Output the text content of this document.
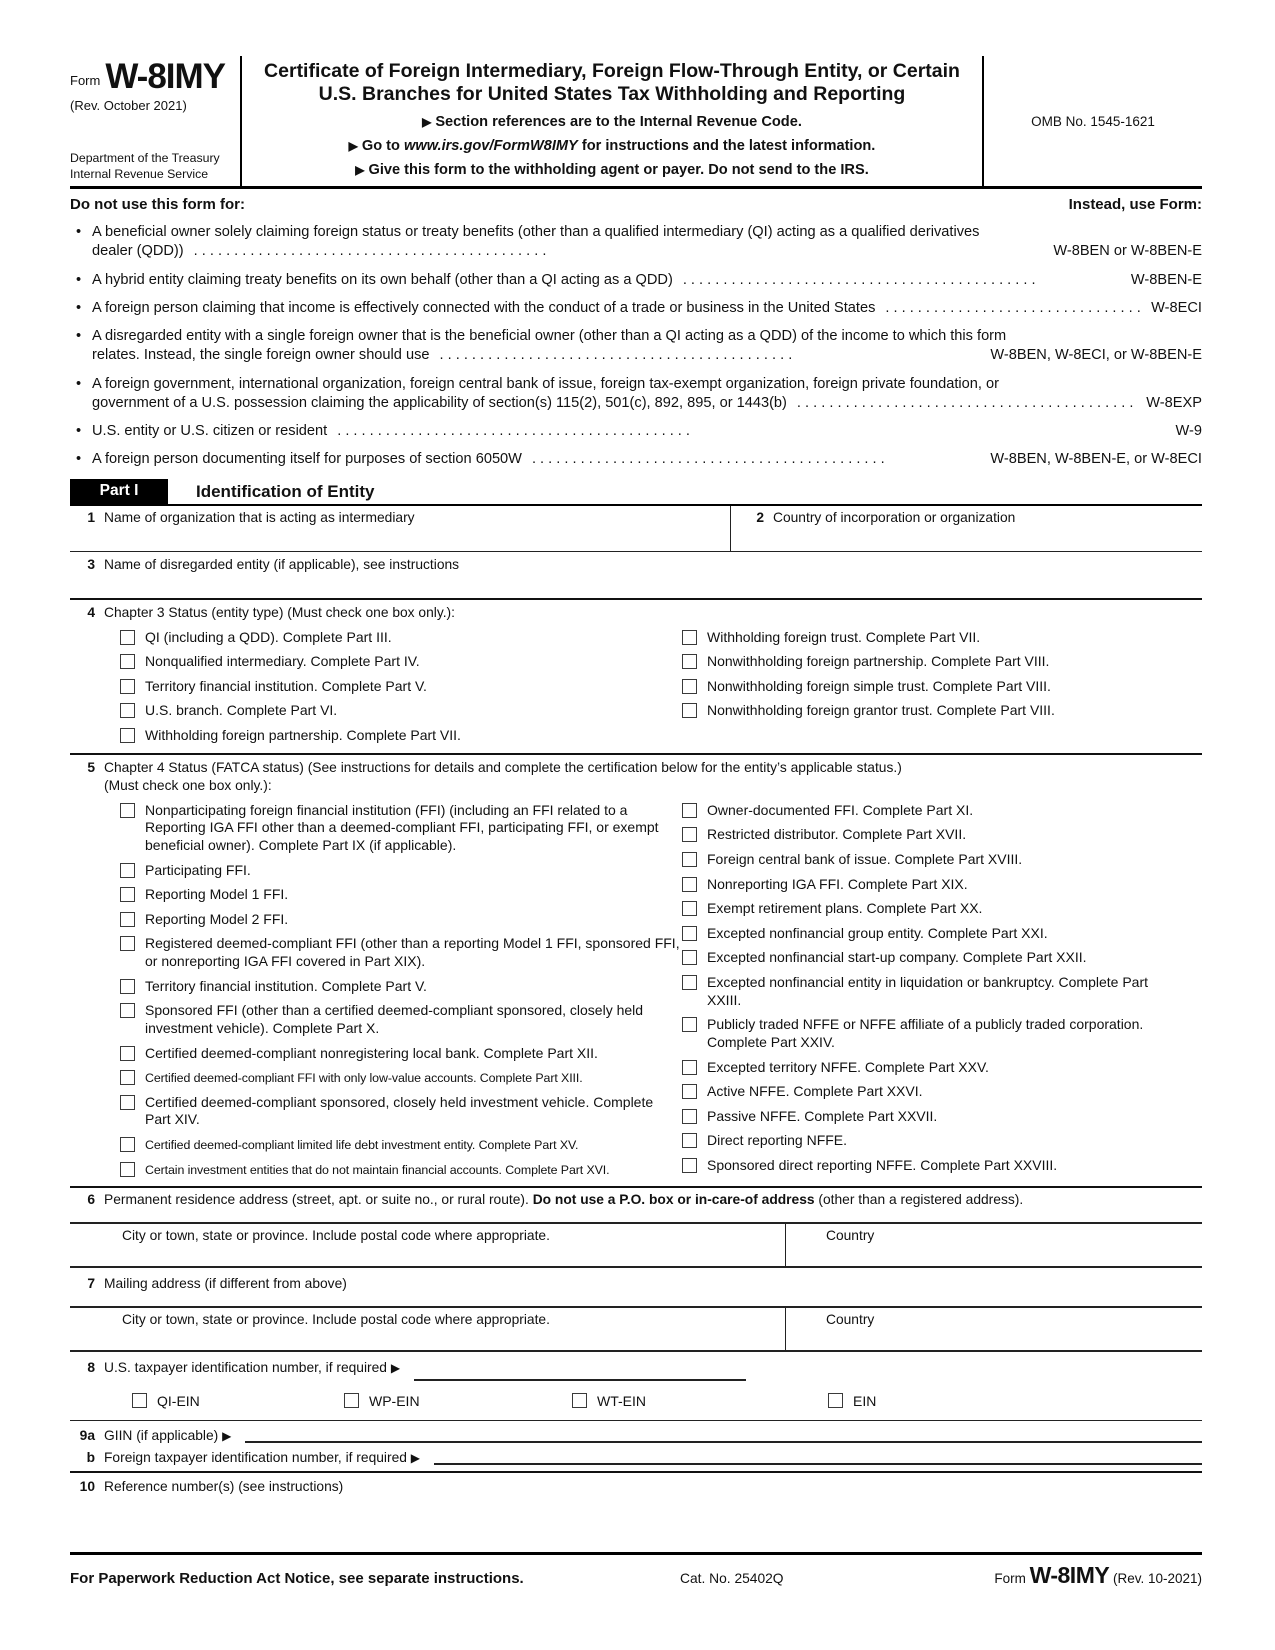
Form W-8IMY
(Rev. October 2021)
Department of the Treasury
Internal Revenue Service
Certificate of Foreign Intermediary, Foreign Flow-Through Entity, or Certain
U.S. Branches for United States Tax Withholding and Reporting
▶ Section references are to the Internal Revenue Code.
▶ Go to www.irs.gov/FormW8IMY for instructions and the latest information.
▶ Give this form to the withholding agent or payer. Do not send to the IRS.
OMB No. 1545-1621
Do not use this form for:	Instead, use Form:
• A beneficial owner solely claiming foreign status or treaty benefits (other than a qualified intermediary (QI) acting as a qualified derivatives
dealer (QDD)) .	W-8BEN or W-8BEN-E
• A hybrid entity claiming treaty benefits on its own behalf (other than a QI acting as a QDD) .	W-8BEN-E
• A foreign person claiming that income is effectively connected with the conduct of a trade or business in the United States .	W-8ECI
• A disregarded entity with a single foreign owner that is the beneficial owner (other than a QI acting as a QDD) of the income to which this form
relates. Instead, the single foreign owner should use .	W-8BEN, W-8ECI, or W-8BEN-E
• A foreign government, international organization, foreign central bank of issue, foreign tax-exempt organization, foreign private foundation, or
government of a U.S. possession claiming the applicability of section(s) 115(2), 501(c), 892, 895, or 1443(b) .	W-8EXP
• U.S. entity or U.S. citizen or resident .	W-9
• A foreign person documenting itself for purposes of section 6050W .	W-8BEN, W-8BEN-E, or W-8ECI
Part I	Identification of Entity
1 Name of organization that is acting as intermediary	2 Country of incorporation or organization
3 Name of disregarded entity (if applicable), see instructions
4 Chapter 3 Status (entity type) (Must check one box only.):
QI (including a QDD). Complete Part III.
Nonqualified intermediary. Complete Part IV.
Territory financial institution. Complete Part V.
U.S. branch. Complete Part VI.
Withholding foreign partnership. Complete Part VII.
Withholding foreign trust. Complete Part VII.
Nonwithholding foreign partnership. Complete Part VIII.
Nonwithholding foreign simple trust. Complete Part VIII.
Nonwithholding foreign grantor trust. Complete Part VIII.
5 Chapter 4 Status (FATCA status) (See instructions for details and complete the certification below for the entity’s applicable status.)
(Must check one box only.):
Nonparticipating foreign financial institution (FFI) (including an FFI related to a Reporting IGA FFI other than a deemed-compliant FFI, participating FFI, or exempt beneficial owner). Complete Part IX (if applicable).
Participating FFI.
Reporting Model 1 FFI.
Reporting Model 2 FFI.
Registered deemed-compliant FFI (other than a reporting Model 1 FFI, sponsored FFI, or nonreporting IGA FFI covered in Part XIX).
Territory financial institution. Complete Part V.
Sponsored FFI (other than a certified deemed-compliant sponsored, closely held investment vehicle). Complete Part X.
Certified deemed-compliant nonregistering local bank. Complete Part XII.
Certified deemed-compliant FFI with only low-value accounts. Complete Part XIII.
Certified deemed-compliant sponsored, closely held investment vehicle. Complete Part XIV.
Certified deemed-compliant limited life debt investment entity. Complete Part XV.
Certain investment entities that do not maintain financial accounts. Complete Part XVI.
Owner-documented FFI. Complete Part XI.
Restricted distributor. Complete Part XVII.
Foreign central bank of issue. Complete Part XVIII.
Nonreporting IGA FFI. Complete Part XIX.
Exempt retirement plans. Complete Part XX.
Excepted nonfinancial group entity. Complete Part XXI.
Excepted nonfinancial start-up company. Complete Part XXII.
Excepted nonfinancial entity in liquidation or bankruptcy. Complete Part XXIII.
Publicly traded NFFE or NFFE affiliate of a publicly traded corporation. Complete Part XXIV.
Excepted territory NFFE. Complete Part XXV.
Active NFFE. Complete Part XXVI.
Passive NFFE. Complete Part XXVII.
Direct reporting NFFE.
Sponsored direct reporting NFFE. Complete Part XXVIII.
6 Permanent residence address (street, apt. or suite no., or rural route). Do not use a P.O. box or in-care-of address (other than a registered address).
City or town, state or province. Include postal code where appropriate.	Country
7 Mailing address (if different from above)
City or town, state or province. Include postal code where appropriate.	Country
8 U.S. taxpayer identification number, if required ▶
QI-EIN	WP-EIN	WT-EIN	EIN
9a GIIN (if applicable) ▶
b Foreign taxpayer identification number, if required ▶
10 Reference number(s) (see instructions)
For Paperwork Reduction Act Notice, see separate instructions.	Cat. No. 25402Q	Form W-8IMY (Rev. 10-2021)
